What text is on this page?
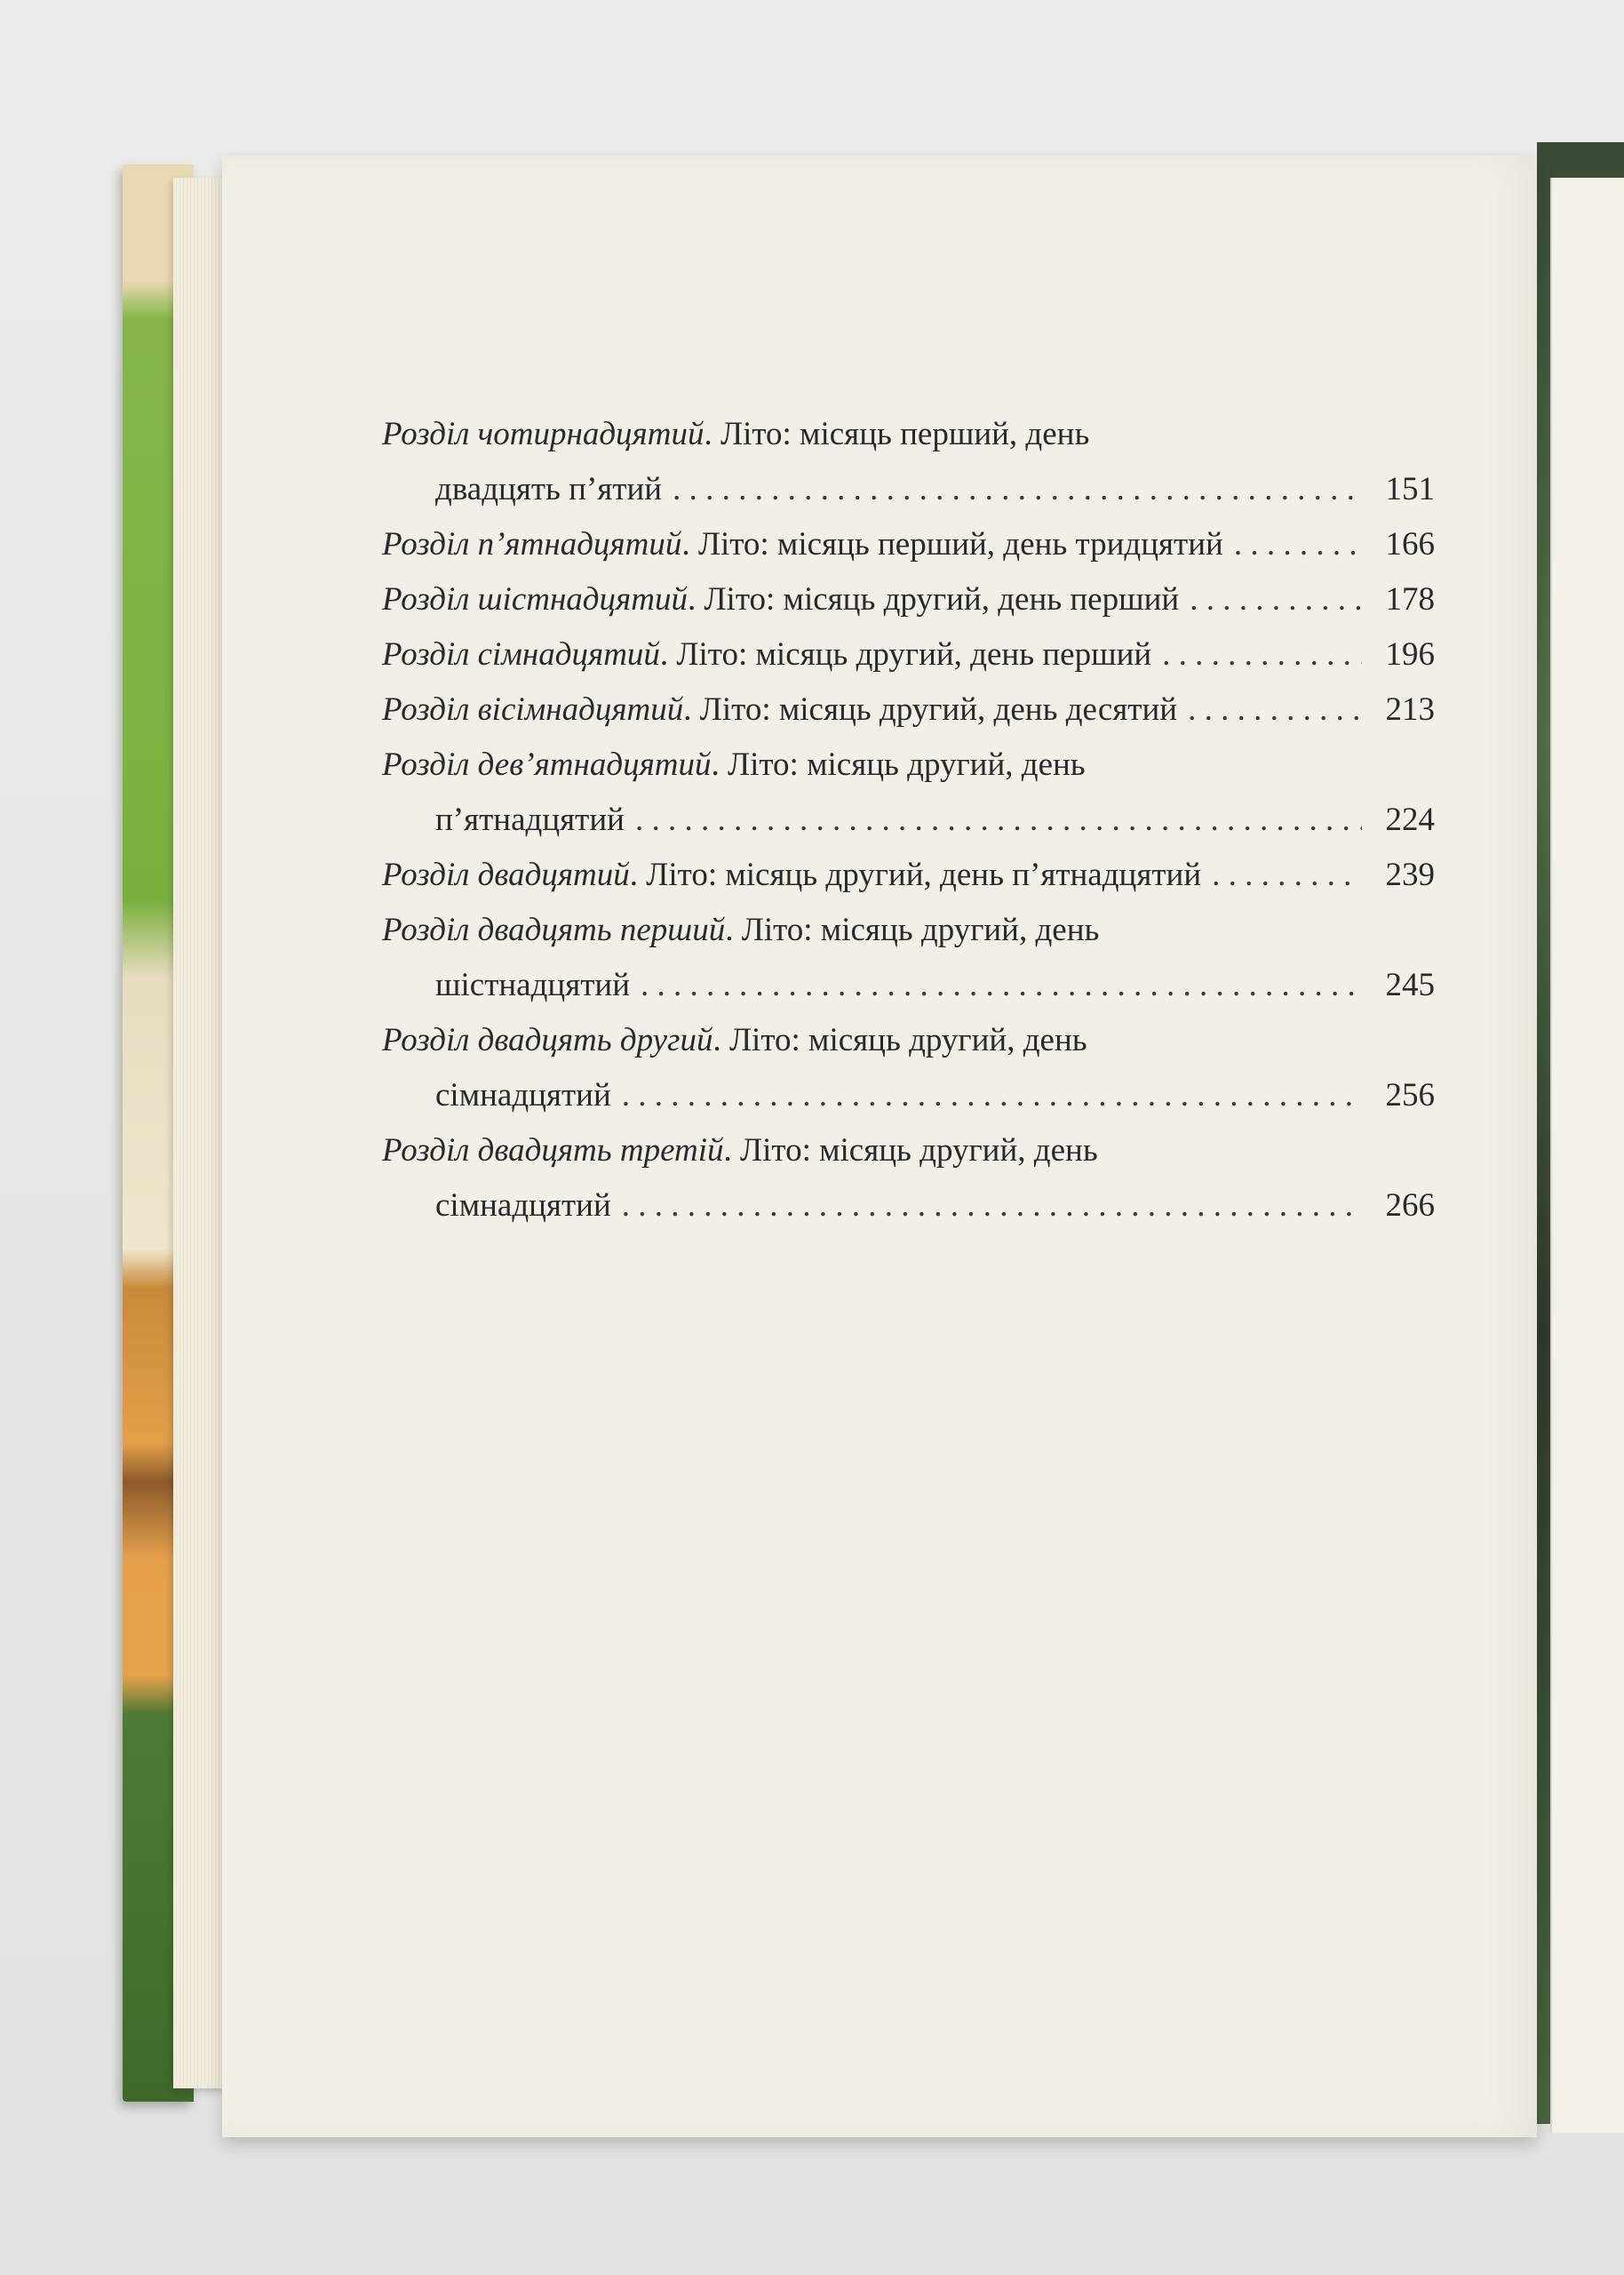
Розділ чотирнадцятий. Літо: місяць перший, день
двадцять п’ятий . . .	151
Розділ п’ятнадцятий. Літо: місяць перший, день тридцятий . . .	166
Розділ шістнадцятий. Літо: місяць другий, день перший . . .	178
Розділ сімнадцятий. Літо: місяць другий, день перший . . .	196
Розділ вісімнадцятий. Літо: місяць другий, день десятий . . .	213
Розділ дев’ятнадцятий. Літо: місяць другий, день
п’ятнадцятий . . .	224
Розділ двадцятий. Літо: місяць другий, день п’ятнадцятий . . .	239
Розділ двадцять перший. Літо: місяць другий, день
шістнадцятий . . .	245
Розділ двадцять другий. Літо: місяць другий, день
сімнадцятий . . .	256
Розділ двадцять третій. Літо: місяць другий, день
сімнадцятий . . .	266
